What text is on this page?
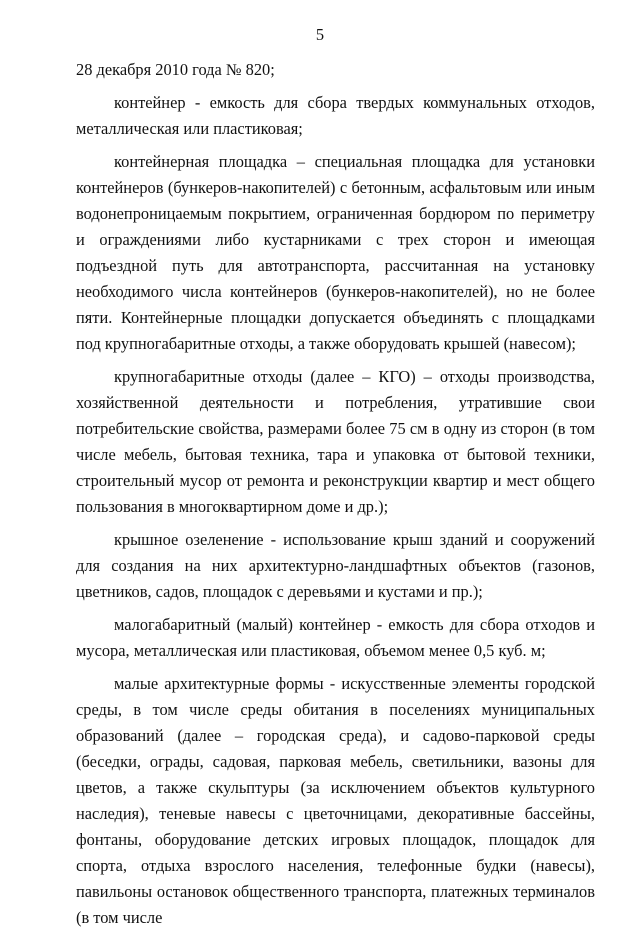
5

28 декабря 2010 года № 820;

контейнер - емкость для сбора твердых коммунальных отходов, металлическая или пластиковая;

контейнерная площадка – специальная площадка для установки контейнеров (бункеров-накопителей) с бетонным, асфальтовым или иным водонепроницаемым покрытием, ограниченная бордюром по периметру и ограждениями либо кустарниками с трех сторон и имеющая подъездной путь для автотранспорта, рассчитанная на установку необходимого числа контейнеров (бункеров-накопителей), но не более пяти. Контейнерные площадки допускается объединять с площадками под крупногабаритные отходы, а также оборудовать крышей (навесом);

крупногабаритные отходы (далее – КГО) – отходы производства, хозяйственной деятельности и потребления, утратившие свои потребительские свойства, размерами более 75 см в одну из сторон (в том числе мебель, бытовая техника, тара и упаковка от бытовой техники, строительный мусор от ремонта и реконструкции квартир и мест общего пользования в многоквартирном доме и др.);

крышное озеленение - использование крыш зданий и сооружений для создания на них архитектурно-ландшафтных объектов (газонов, цветников, садов, площадок с деревьями и кустами и пр.);

малогабаритный (малый) контейнер - емкость для сбора отходов и мусора, металлическая или пластиковая, объемом менее 0,5 куб. м;

малые архитектурные формы - искусственные элементы городской среды, в том числе среды обитания в поселениях муниципальных образований (далее – городская среда), и садово-парковой среды (беседки, ограды, садовая, парковая мебель, светильники, вазоны для цветов, а также скульптуры (за исключением объектов культурного наследия), теневые навесы с цветочницами, декоративные бассейны, фонтаны, оборудование детских игровых площадок, площадок для спорта, отдыха взрослого населения, телефонные будки (навесы), павильоны остановок общественного транспорта, платежных терминалов (в том числе
